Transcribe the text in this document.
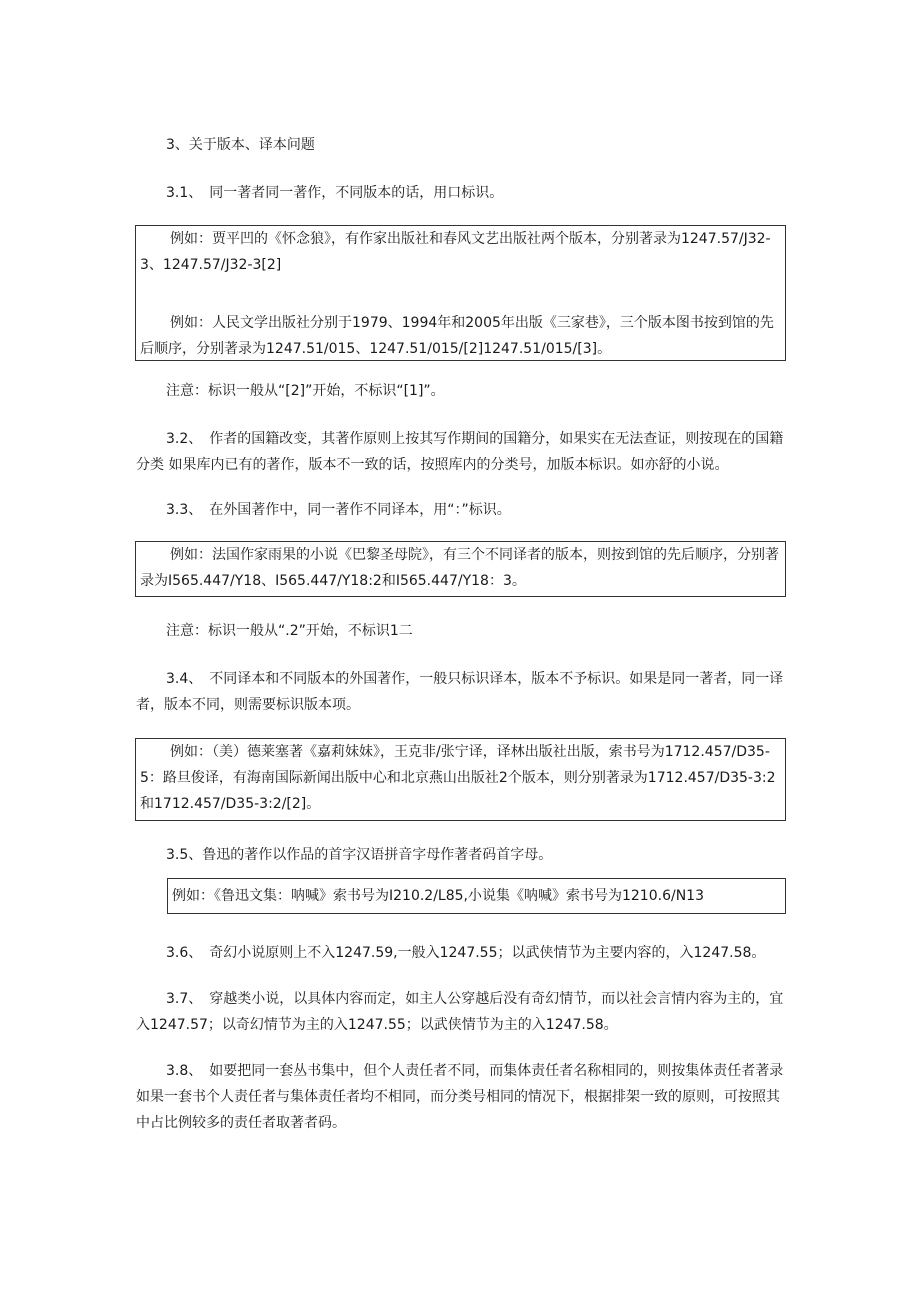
3、关于版本、译本问题
3.1、　同一著者同一著作，不同版本的话，用口标识。

例如：贾平凹的《怀念狼》，有作家出版社和春风文艺出版社两个版本，分别著录为1247.57/J32-3、1247.57/J32-3[2]

例如：人民文学出版社分别于1979、1994年和2005年出版《三家巷》，三个版本图书按到馆的先后顺序，分别著录为1247.51/015、1247.51/015/[2]1247.51/015/[3]。

注意：标识一般从“[2]”开始，不标识“[1]”。
3.2、　作者的国籍改变，其著作原则上按其写作期间的国籍分，如果实在无法查证，则按现在的国籍分类 如果库内已有的著作，版本不一致的话，按照库内的分类号，加版本标识。如亦舒的小说。
3.3、　在外国著作中，同一著作不同译本，用“：”标识。

例如：法国作家雨果的小说《巴黎圣母院》，有三个不同译者的版本，则按到馆的先后顺序，分别著录为I565.447/Y18、I565.447/Y18:2和I565.447/Y18：3。

注意：标识一般从“.2”开始，不标识1二
3.4、　不同译本和不同版本的外国著作，一般只标识译本，版本不予标识。如果是同一著者，同一译者，版本不同，则需要标识版本项。

例如：（美）德莱塞著《嘉莉妹妹》，王克非/张宁译，译林出版社出版，索书号为1712.457/D35-5：路旦俊译，有海南国际新闻出版中心和北京燕山出版社2个版本，则分别著录为1712.457/D35-3:2和1712.457/D35-3:2/[2]。

3.5、鲁迅的著作以作品的首字汉语拼音字母作著者码首字母。

例如：《鲁迅文集：呐喊》索书号为I210.2/L85,小说集《呐喊》索书号为1210.6/N13

3.6、　奇幻小说原则上不入1247.59,一般入1247.55；以武侠情节为主要内容的，入1247.58。
3.7、　穿越类小说，以具体内容而定，如主人公穿越后没有奇幻情节，而以社会言情内容为主的，宜入1247.57；以奇幻情节为主的入1247.55；以武侠情节为主的入1247.58。
3.8、　如要把同一套丛书集中，但个人责任者不同，而集体责任者名称相同的，则按集体责任者著录 如果一套书个人责任者与集体责任者均不相同，而分类号相同的情况下，根据排架一致的原则，可按照其中占比例较多的责任者取著者码。
